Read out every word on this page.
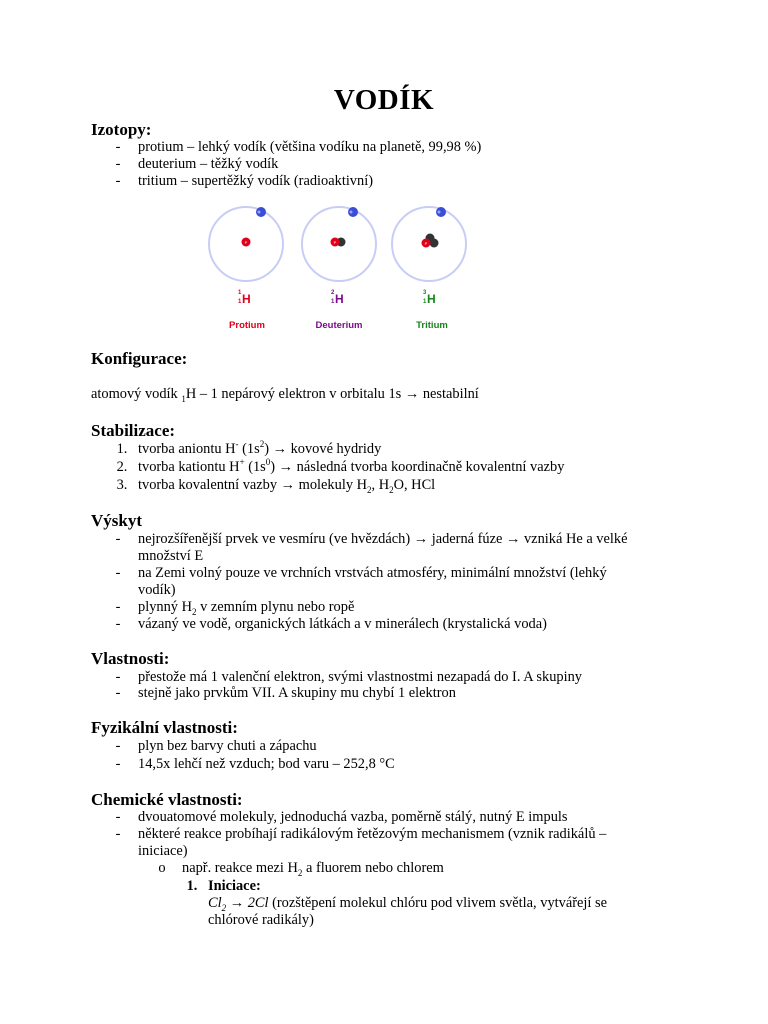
VODÍK
Izotopy:
-	protium – lehký vodík (většina vodíku na planetě, 99,98 %)
-	deuterium – těžký vodík
-	tritium – supertěžký vodík (radioaktivní)
P	P	P
1
1 H	2
1 H	3
1 H
Protium	Deuterium	Tritium
Konfigurace:
atomový vodík $_1$H – 1 nepárový elektron v orbitalu 1s → nestabilní
Stabilizace:
1. tvorba aniontu H- $(1s^2)$ → kovové hydridy
2. tvorba kationtu H+ $(1s^0)$ → následná tvorba koordinačně kovalentní vazby
3. tvorba kovalentní vazby → molekuly $H_2$, $H_2O$, HCl
Výskyt
-	nejrozšířenější prvek ve vesmíru (ve hvězdách) → jaderná fúze → vzniká He a velké
množství E
-	na Zemi volný pouze ve vrchních vrstvách atmosféry, minimální množství (lehký
vodík)
-	plynný $H_2$ v zemním plynu nebo ropě
-	vázaný ve vodě, organických látkách a v minerálech (krystalická voda)
Vlastnosti:
-	přestože má 1 valenční elektron, svými vlastnostmi nezapadá do I. A skupiny
-	stejně jako prvkům VII. A skupiny mu chybí 1 elektron
Fyzikální vlastnosti:
-	plyn bez barvy chuti a zápachu
-	14,5x lehčí než vzduch; bod varu – 252,8 °C
Chemické vlastnosti:
-	dvouatomové molekuly, jednoduchá vazba, poměrně stálý, nutný E impuls
-	některé reakce probíhají radikálovým řetězovým mechanismem (vznik radikálů –
iniciace)
o	např. reakce mezi $H_2$ a fluorem nebo chlorem
1. Iniciace:
$Cl_2 \to 2Cl$ (rozštěpení molekul chlóru pod vlivem světla, vytvářejí se
chlórové radikály)
